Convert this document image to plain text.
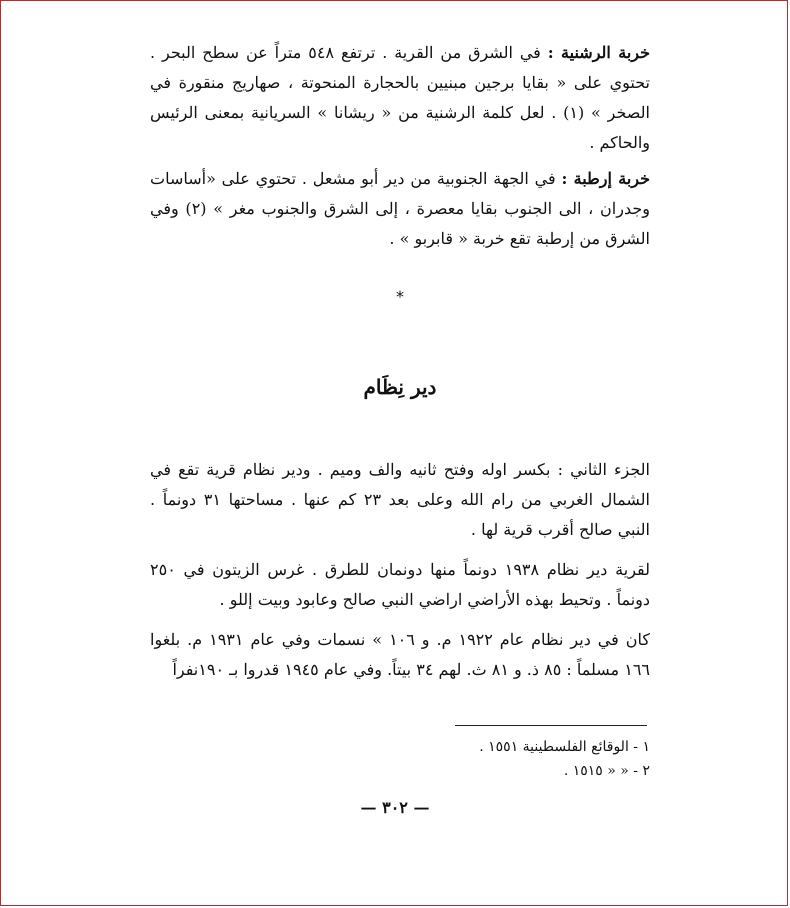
خربة الرشنية : في الشرق من القرية . ترتفع ٥٤٨ متراً عن سطح البحر . تحتوي على « بقايا برجين مبنيين بالحجارة المنحوتة ، صهاريج منقورة في الصخر » (١) . لعل كلمة الرشنية من « ريشانا » السريانية بمعنى الرئيس والحاكم .

خربة إرطبة : في الجهة الجنوبية من دير أبو مشعل . تحتوي على «أساسات وجدران ، الى الجنوب بقايا معصرة ، إلى الشرق والجنوب مغر » (٢) وفي الشرق من إرطبة تقع خربة « قابربو » .

*
دير نِظَام

الجزء الثاني : بكسر اوله وفتح ثانيه والف وميم . ودير نظام قرية تقع في الشمال الغربي من رام الله وعلى بعد ٢٣ كم عنها . مساحتها ٣١ دونماً . النبي صالح أقرب قرية لها .

لقرية دير نظام ١٩٣٨ دونماً منها دونمان للطرق . غرس الزيتون في ٢٥٠ دونماً . وتحيط بهذه الأراضي اراضي النبي صالح وعابود وبيت إللو .

كان في دير نظام عام ١٩٢٢ م. و ١٠٦ » نسمات وفي عام ١٩٣١ م. بلغوا ١٦٦ مسلماً : ٨٥ ذ. و ٨١ ث. لهم ٣٤ بيتاً. وفي عام ١٩٤٥ قدروا بـ ١٩٠نفراً

١ - الوقائع الفلسطينية ١٥٥١ .

٢ - « « ١٥١٥ .

— ٣٠٢ —
